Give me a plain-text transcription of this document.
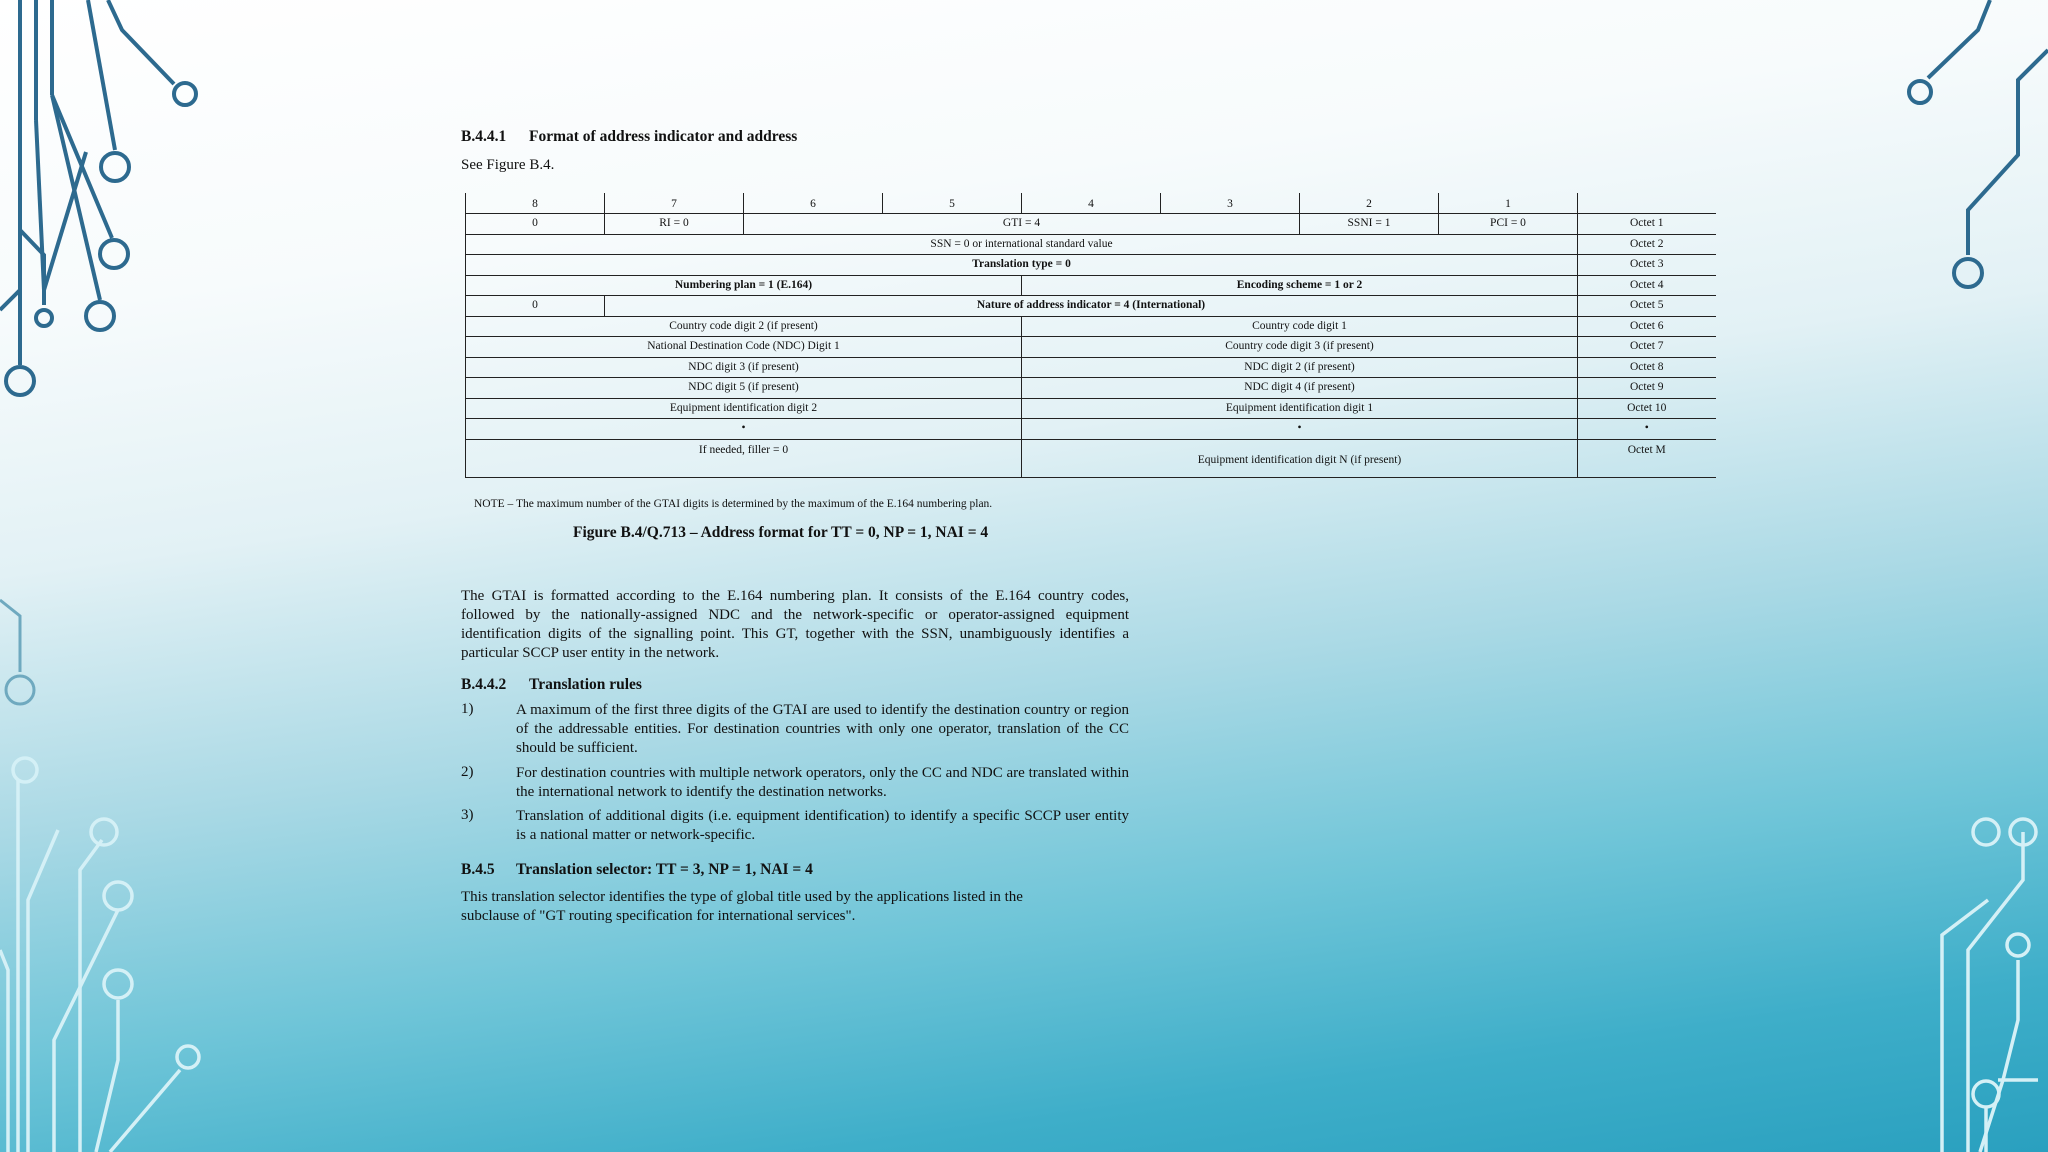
B.4.4.1 Format of address indicator and address
See Figure B.4.
8	7	6	5	4	3	2	1	
0	RI = 0	GTI = 4				SSNI = 1	PCI = 0	Octet 1
SSN = 0 or international standard value								Octet 2
Translation type = 0								Octet 3
Numbering plan = 1 (E.164)				Encoding scheme = 1 or 2				Octet 4
0	Nature of address indicator = 4 (International)							Octet 5
Country code digit 2 (if present)				Country code digit 1				Octet 6
National Destination Code (NDC) Digit 1				Country code digit 3 (if present)				Octet 7
NDC digit 3 (if present)				NDC digit 2 (if present)				Octet 8
NDC digit 5 (if present)				NDC digit 4 (if present)				Octet 9
Equipment identification digit 2				Equipment identification digit 1				Octet 10
•				•				•
If needed, filler = 0				Equipment identification digit N (if present)				Octet M
NOTE – The maximum number of the GTAI digits is determined by the maximum of the E.164 numbering plan.
Figure B.4/Q.713 – Address format for TT = 0, NP = 1, NAI = 4
The GTAI is formatted according to the E.164 numbering plan. It consists of the E.164 country codes, followed by the nationally-assigned NDC and the network-specific or operator-assigned equipment identification digits of the signalling point. This GT, together with the SSN, unambiguously identifies a particular SCCP user entity in the network.
B.4.4.2 Translation rules
1)	A maximum of the first three digits of the GTAI are used to identify the destination country or region of the addressable entities. For destination countries with only one operator, translation of the CC should be sufficient.
2)	For destination countries with multiple network operators, only the CC and NDC are translated within the international network to identify the destination networks.
3)	Translation of additional digits (i.e. equipment identification) to identify a specific SCCP user entity is a national matter or network-specific.
B.4.5 Translation selector: TT = 3, NP = 1, NAI = 4
This translation selector identifies the type of global title used by the applications listed in the subclause of "GT routing specification for international services".
